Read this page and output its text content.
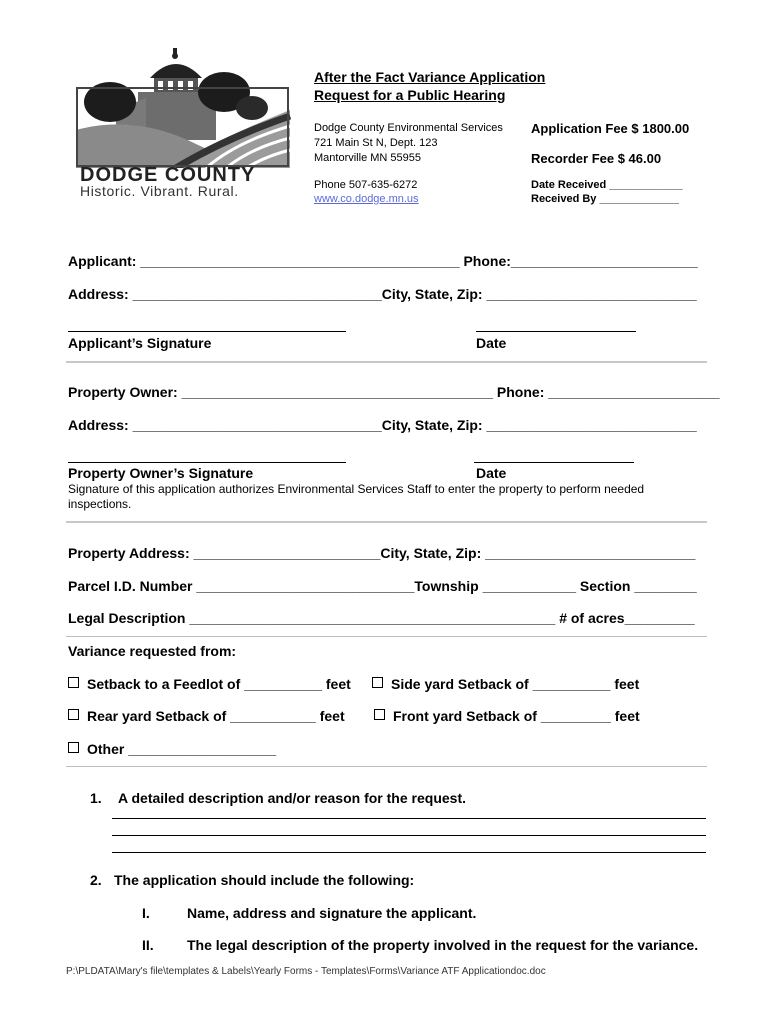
DODGE COUNTY
Historic. Vibrant. Rural.
After the Fact Variance Application
Request for a Public Hearing
Dodge County Environmental Services
721 Main St N, Dept. 123
Mantorville MN 55955
Phone 507-635-6272
www.co.dodge.mn.us
Application Fee $ 1800.00
Recorder Fee $ 46.00
Date Received ____________
Received By _____________
Applicant: _________________________________________ Phone:________________________
Address: ________________________________City, State, Zip: ___________________________
Applicant’s Signature	Date
Property Owner: ________________________________________ Phone: ______________________
Address: ________________________________City, State, Zip: ___________________________
Property Owner’s Signature	Date
Signature of this application authorizes Environmental Services Staff to enter the property to perform needed inspections.
Property Address: ________________________City, State, Zip: ___________________________
Parcel I.D. Number ____________________________Township ____________ Section ________
Legal Description _______________________________________________ # of acres_________
Variance requested from:
Setback to a Feedlot of __________ feet	Side yard Setback of __________ feet
Rear yard Setback of ___________ feet	Front yard Setback of _________ feet
Other ___________________
1. A detailed description and/or reason for the request.
2. The application should include the following:
I.	Name, address and signature the applicant.
II. The legal description of the property involved in the request for the variance.
P:\PLDATA\Mary's file\templates & Labels\Yearly Forms - Templates\Forms\Variance ATF Applicationdoc.doc
